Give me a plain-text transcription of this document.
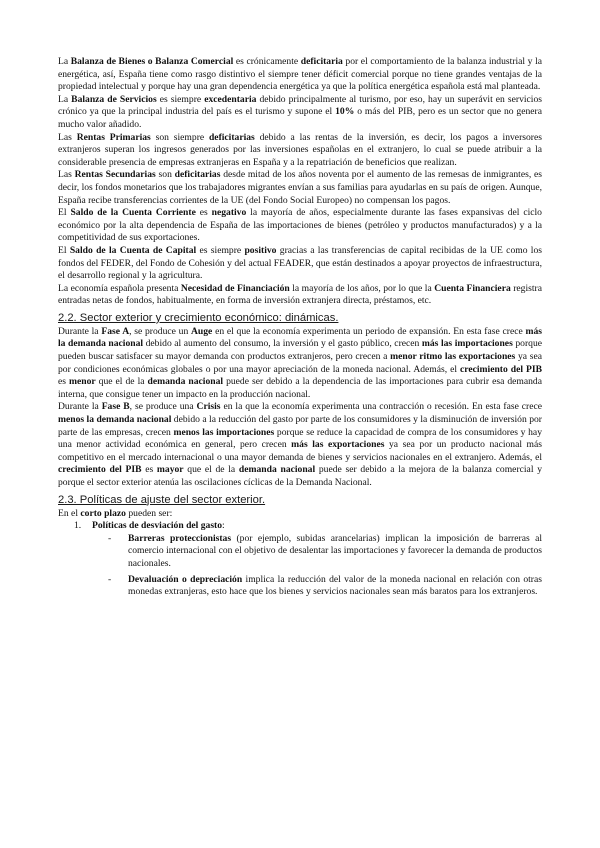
La Balanza de Bienes o Balanza Comercial es crónicamente deficitaria por el comportamiento de la balanza industrial y la energética, así, España tiene como rasgo distintivo el siempre tener déficit comercial porque no tiene grandes ventajas de la propiedad intelectual y porque hay una gran dependencia energética ya que la política energética española está mal planteada.

La Balanza de Servicios es siempre excedentaria debido principalmente al turismo, por eso, hay un superávit en servicios crónico ya que la principal industria del país es el turismo y supone el 10% o más del PIB, pero es un sector que no genera mucho valor añadido.

Las Rentas Primarias son siempre deficitarias debido a las rentas de la inversión, es decir, los pagos a inversores extranjeros superan los ingresos generados por las inversiones españolas en el extranjero, lo cual se puede atribuir a la considerable presencia de empresas extranjeras en España y a la repatriación de beneficios que realizan.

Las Rentas Secundarias son deficitarias desde mitad de los años noventa por el aumento de las remesas de inmigrantes, es decir, los fondos monetarios que los trabajadores migrantes envían a sus familias para ayudarlas en su país de origen. Aunque, España recibe transferencias corrientes de la UE (del Fondo Social Europeo) no compensan los pagos.

El Saldo de la Cuenta Corriente es negativo la mayoría de años, especialmente durante las fases expansivas del ciclo económico por la alta dependencia de España de las importaciones de bienes (petróleo y productos manufacturados) y a la competitividad de sus exportaciones.

El Saldo de la Cuenta de Capital es siempre positivo gracias a las transferencias de capital recibidas de la UE como los fondos del FEDER, del Fondo de Cohesión y del actual FEADER, que están destinados a apoyar proyectos de infraestructura, el desarrollo regional y la agricultura.

La economía española presenta Necesidad de Financiación la mayoría de los años, por lo que la Cuenta Financiera registra entradas netas de fondos, habitualmente, en forma de inversión extranjera directa, préstamos, etc.

2.2. Sector exterior y crecimiento económico: dinámicas.

Durante la Fase A, se produce un Auge en el que la economía experimenta un periodo de expansión. En esta fase crece más la demanda nacional debido al aumento del consumo, la inversión y el gasto público, crecen más las importaciones porque pueden buscar satisfacer su mayor demanda con productos extranjeros, pero crecen a menor ritmo las exportaciones ya sea por condiciones económicas globales o por una mayor apreciación de la moneda nacional. Además, el crecimiento del PIB es menor que el de la demanda nacional puede ser debido a la dependencia de las importaciones para cubrir esa demanda interna, que consigue tener un impacto en la producción nacional.

Durante la Fase B, se produce una Crisis en la que la economía experimenta una contracción o recesión. En esta fase crece menos la demanda nacional debido a la reducción del gasto por parte de los consumidores y la disminución de inversión por parte de las empresas, crecen menos las importaciones porque se reduce la capacidad de compra de los consumidores y hay una menor actividad económica en general, pero crecen más las exportaciones ya sea por un producto nacional más competitivo en el mercado internacional o una mayor demanda de bienes y servicios nacionales en el extranjero. Además, el crecimiento del PIB es mayor que el de la demanda nacional puede ser debido a la mejora de la balanza comercial y porque el sector exterior atenúa las oscilaciones cíclicas de la Demanda Nacional.

2.3. Políticas de ajuste del sector exterior.

En el corto plazo pueden ser:

1. Políticas de desviación del gasto:
- Barreras proteccionistas (por ejemplo, subidas arancelarias) implican la imposición de barreras al comercio internacional con el objetivo de desalentar las importaciones y favorecer la demanda de productos nacionales.
- Devaluación o depreciación implica la reducción del valor de la moneda nacional en relación con otras monedas extranjeras, esto hace que los bienes y servicios nacionales sean más baratos para los extranjeros.
